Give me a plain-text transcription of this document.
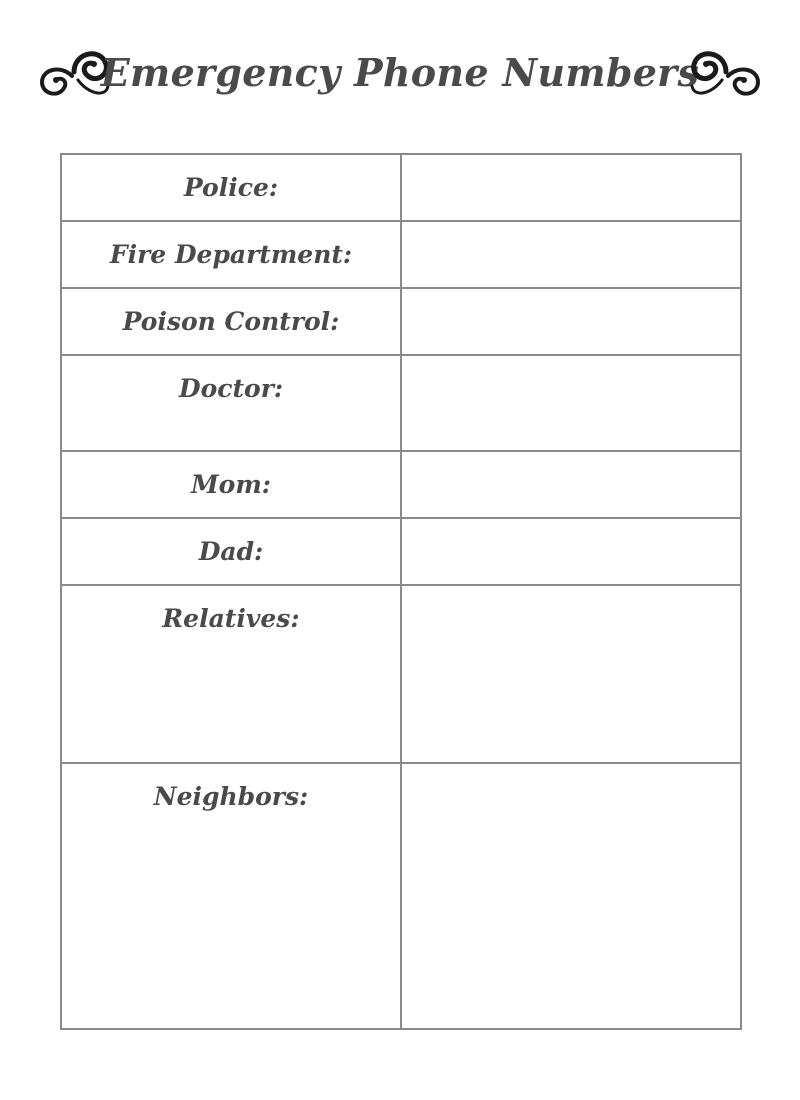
Emergency Phone Numbers
Police:	

Fire Department:	

Poison Control:	

Doctor:	

Mom:	

Dad:	

Relatives:	

Neighbors:	
